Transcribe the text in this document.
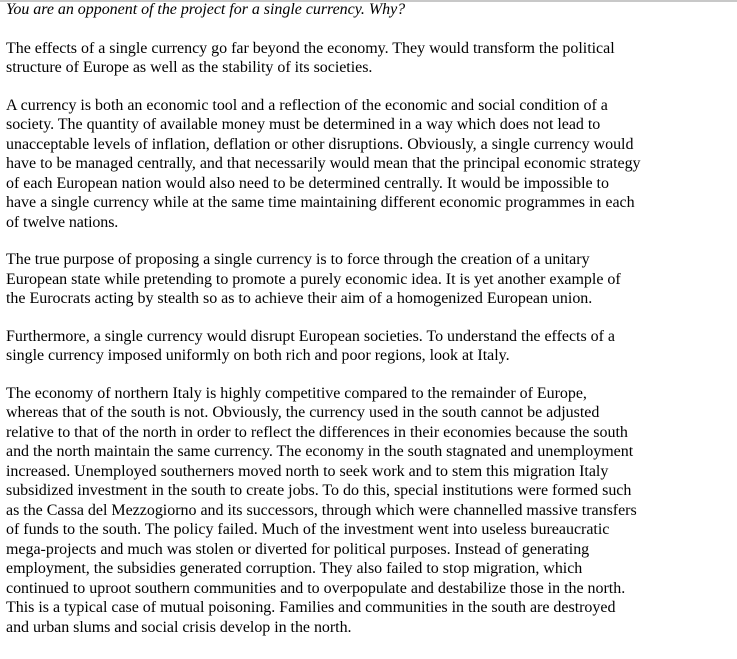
You are an opponent of the project for a single currency. Why?
The effects of a single currency go far beyond the economy. They would transform the political
structure of Europe as well as the stability of its societies.
A currency is both an economic tool and a reflection of the economic and social condition of a
society. The quantity of available money must be determined in a way which does not lead to
unacceptable levels of inflation, deflation or other disruptions. Obviously, a single currency would
have to be managed centrally, and that necessarily would mean that the principal economic strategy
of each European nation would also need to be determined centrally. It would be impossible to
have a single currency while at the same time maintaining different economic programmes in each
of twelve nations.
The true purpose of proposing a single currency is to force through the creation of a unitary
European state while pretending to promote a purely economic idea. It is yet another example of
the Eurocrats acting by stealth so as to achieve their aim of a homogenized European union.
Furthermore, a single currency would disrupt European societies. To understand the effects of a
single currency imposed uniformly on both rich and poor regions, look at Italy.
The economy of northern Italy is highly competitive compared to the remainder of Europe,
whereas that of the south is not. Obviously, the currency used in the south cannot be adjusted
relative to that of the north in order to reflect the differences in their economies because the south
and the north maintain the same currency. The economy in the south stagnated and unemployment
increased. Unemployed southerners moved north to seek work and to stem this migration Italy
subsidized investment in the south to create jobs. To do this, special institutions were formed such
as the Cassa del Mezzogiorno and its successors, through which were channelled massive transfers
of funds to the south. The policy failed. Much of the investment went into useless bureaucratic
mega-projects and much was stolen or diverted for political purposes. Instead of generating
employment, the subsidies generated corruption. They also failed to stop migration, which
continued to uproot southern communities and to overpopulate and destabilize those in the north.
This is a typical case of mutual poisoning. Families and communities in the south are destroyed
and urban slums and social crisis develop in the north.
